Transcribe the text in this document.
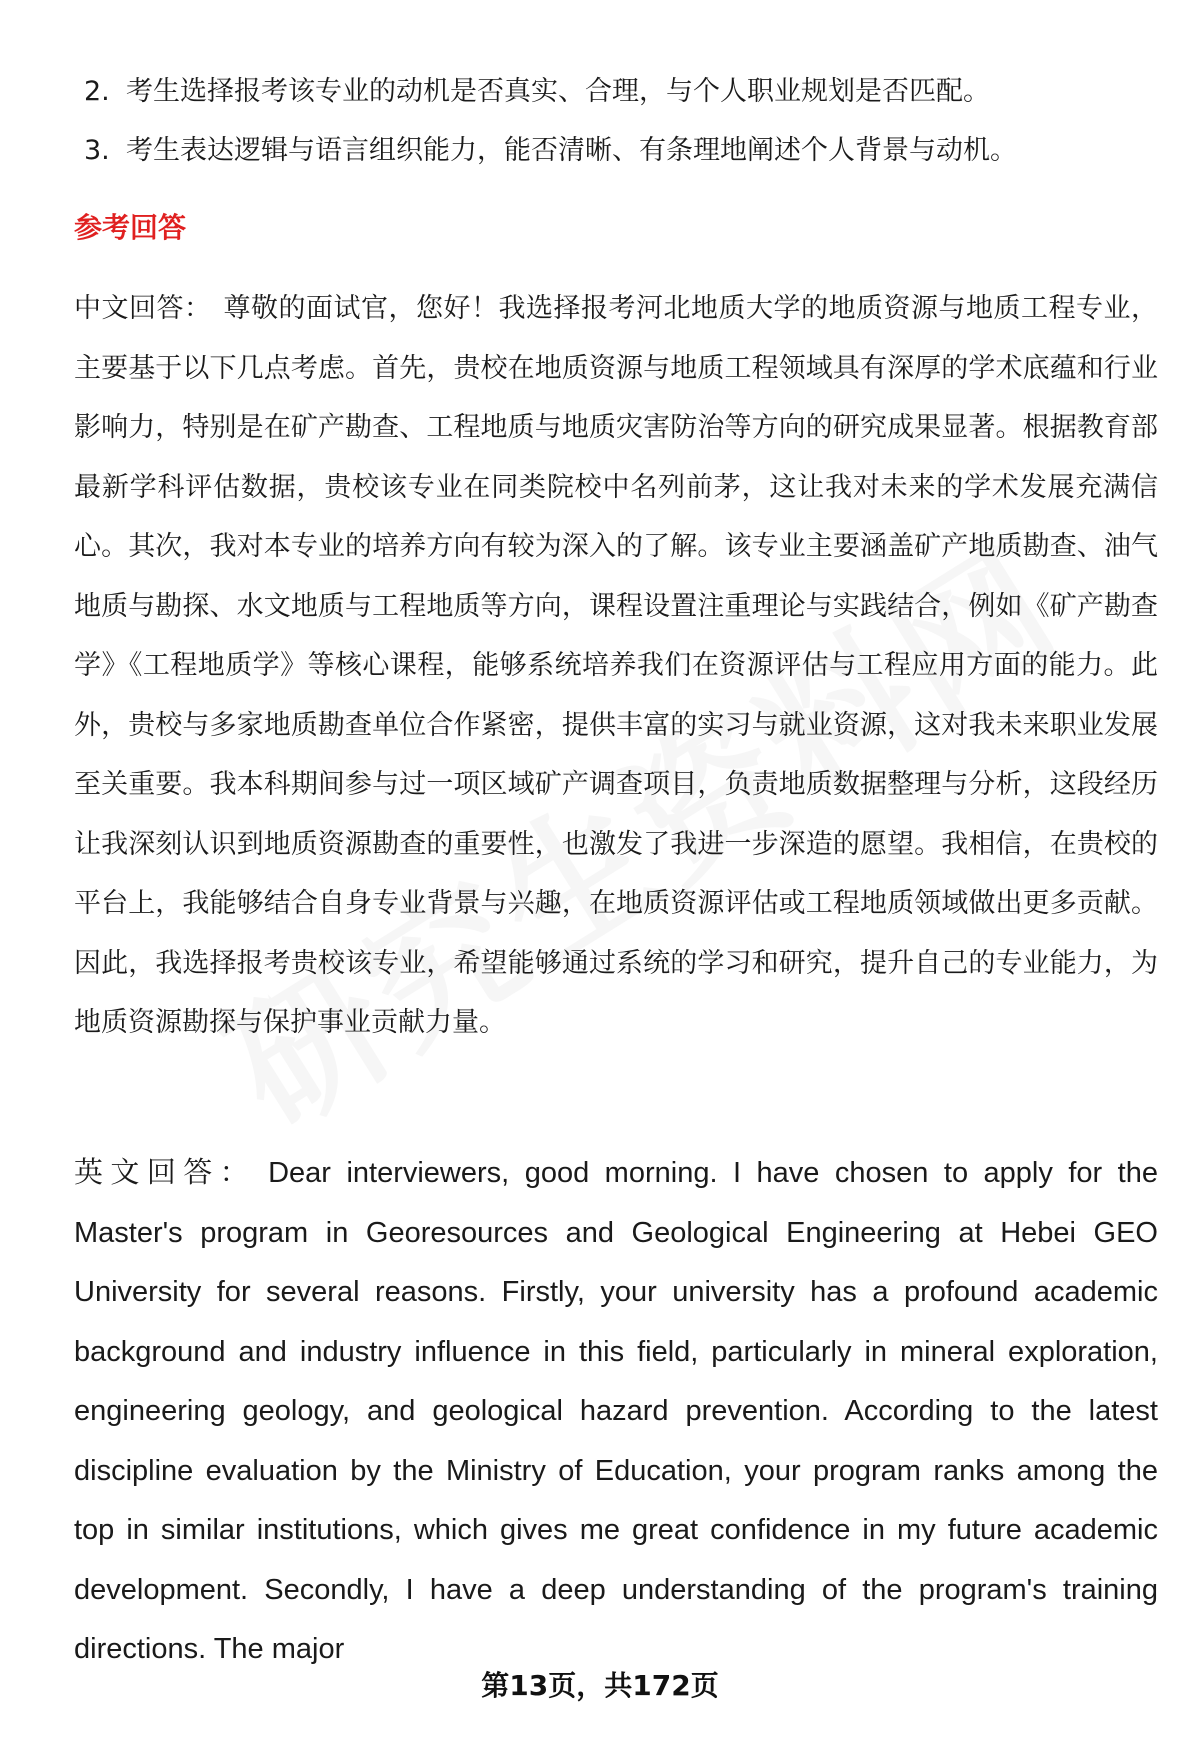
2. 考生选择报考该专业的动机是否真实、合理，与个人职业规划是否匹配。
3. 考生表达逻辑与语言组织能力，能否清晰、有条理地阐述个人背景与动机。
参考回答

中文回答： 尊敬的面试官，您好！我选择报考河北地质大学的地质资源与地质工程专业，主要基于以下几点考虑。首先，贵校在地质资源与地质工程领域具有深厚的学术底蕴和行业影响力，特别是在矿产勘查、工程地质与地质灾害防治等方向的研究成果显著。根据教育部最新学科评估数据，贵校该专业在同类院校中名列前茅，这让我对未来的学术发展充满信心。其次，我对本专业的培养方向有较为深入的了解。该专业主要涵盖矿产地质勘查、油气地质与勘探、水文地质与工程地质等方向，课程设置注重理论与实践结合，例如《矿产勘查学》《工程地质学》等核心课程，能够系统培养我们在资源评估与工程应用方面的能力。此外，贵校与多家地质勘查单位合作紧密，提供丰富的实习与就业资源，这对我未来职业发展至关重要。我本科期间参与过一项区域矿产调查项目，负责地质数据整理与分析，这段经历让我深刻认识到地质资源勘查的重要性，也激发了我进一步深造的愿望。我相信，在贵校的平台上，我能够结合自身专业背景与兴趣，在地质资源评估或工程地质领域做出更多贡献。因此，我选择报考贵校该专业，希望能够通过系统的学习和研究，提升自己的专业能力，为地质资源勘探与保护事业贡献力量。

英文回答： Dear interviewers, good morning. I have chosen to apply for the Master's program in Georesources and Geological Engineering at Hebei GEO University for several reasons. Firstly, your university has a profound academic background and industry influence in this field, particularly in mineral exploration, engineering geology, and geological hazard prevention. According to the latest discipline evaluation by the Ministry of Education, your program ranks among the top in similar institutions, which gives me great confidence in my future academic development. Secondly, I have a deep understanding of the program's training directions. The major

第13页，共172页
